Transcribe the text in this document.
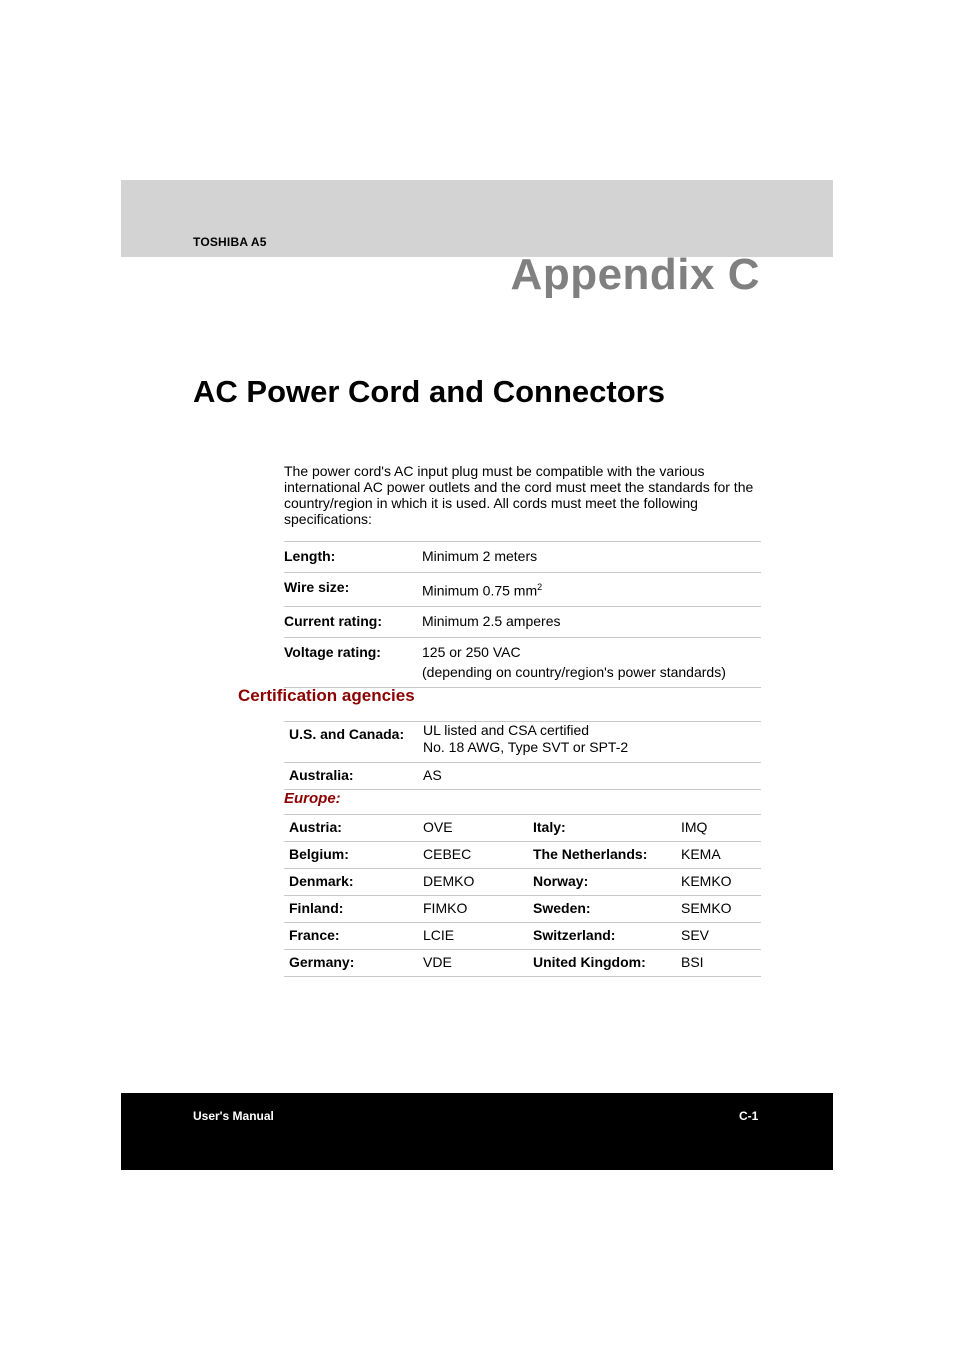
TOSHIBA A5
Appendix C
AC Power Cord and Connectors

The power cord's AC input plug must be compatible with the various international AC power outlets and the cord must meet the standards for the country/region in which it is used. All cords must meet the following specifications:

Length:	Minimum 2 meters
Wire size:	Minimum 0.75 $mm^2$
Current rating:	Minimum 2.5 amperes
Voltage rating:	125 or 250 VAC
(depending on country/region's power standards)
Certification agencies
U.S. and Canada:	UL listed and CSA certified
No. 18 AWG, Type SVT or SPT-2		

Australia:	AS		
Europe:			
Austria:	OVE	Italy:	IMQ
Belgium:	CEBEC	The Netherlands:	KEMA
Denmark:	DEMKO	Norway:	KEMKO
Finland:	FIMKO	Sweden:	SEMKO
France:	LCIE	Switzerland:	SEV
Germany:	VDE	United Kingdom:	BSI
User's Manual	C-1
